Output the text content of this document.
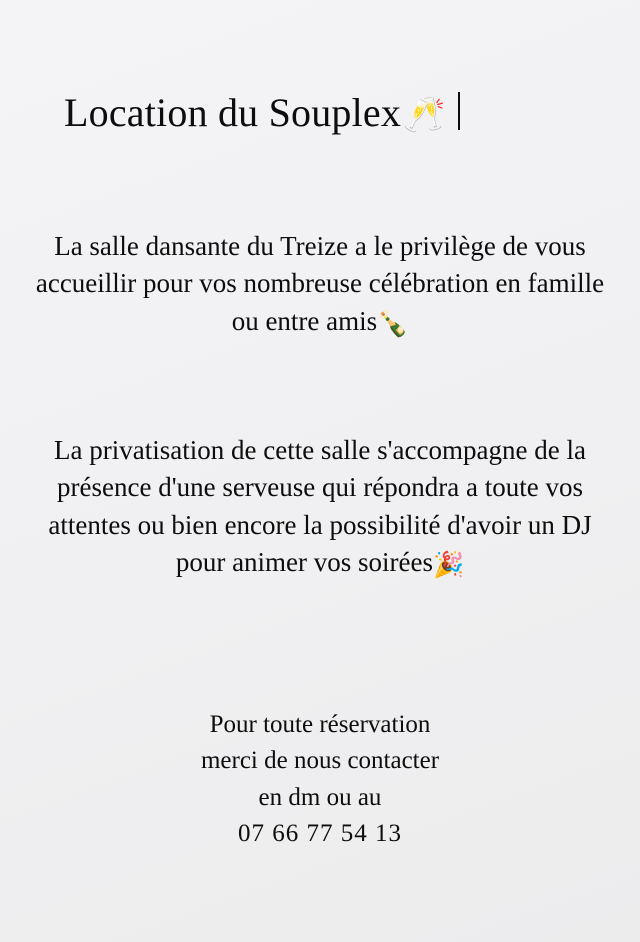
Location du Souplex 🥂
La salle dansante du Treize a le privilège de vous accueillir pour vos nombreuse célébration en famille ou entre amis🍾
La privatisation de cette salle s'accompagne de la présence d'une serveuse qui répondra a toute vos attentes ou bien encore la possibilité d'avoir un DJ pour animer vos soirées🎉
Pour toute réservation
merci de nous contacter
en dm ou au
07 66 77 54 13
